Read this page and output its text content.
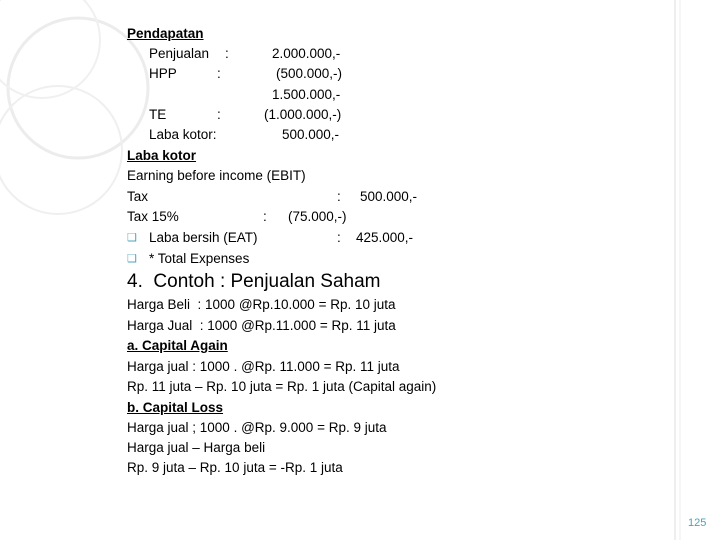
Pendapatan
Penjualan :	2.000.000,-
HPP	:	(500.000,-)
1.500.000,-
TE	:	(1.000.000,-)
Laba kotor:	500.000,-
Laba kotor
Earning before income (EBIT)
Tax	: 500.000,-
Tax 15%	: (75.000,-)
❑ Laba bersih (EAT)	: 425.000,-
❑ * Total Expenses
4.  Contoh : Penjualan Saham
Harga Beli  : 1000 @Rp.10.000 = Rp. 10 juta
Harga Jual  : 1000 @Rp.11.000 = Rp. 11 juta
a. Capital Again
Harga jual : 1000 . @Rp. 11.000 = Rp. 11 juta
Rp. 11 juta – Rp. 10 juta = Rp. 1 juta (Capital again)
b. Capital Loss
Harga jual ; 1000 . @Rp. 9.000 = Rp. 9 juta
Harga jual – Harga beli
Rp. 9 juta – Rp. 10 juta = -Rp. 1 juta
125
